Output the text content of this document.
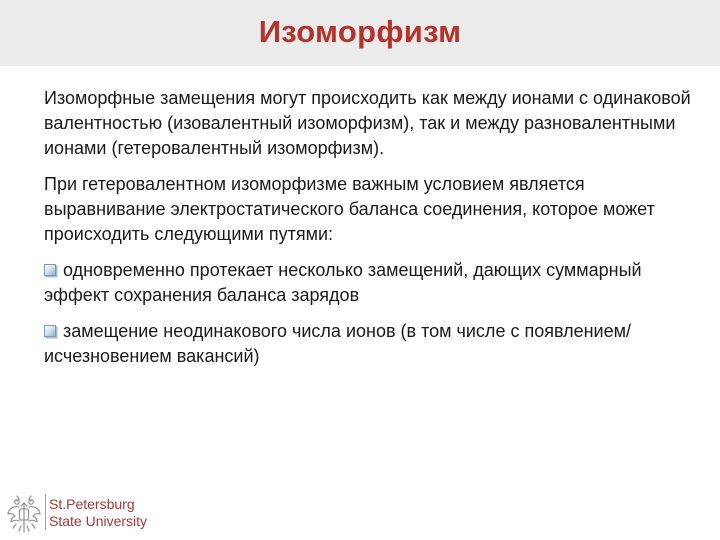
Изоморфизм

Изоморфные замещения могут происходить как между ионами с одинаковой валентностью (изовалентный изоморфизм), так и между разновалентными ионами (гетеровалентный изоморфизм).

При гетеровалентном изоморфизме важным условием является выравнивание электростатического баланса соединения, которое может происходить следующими путями:

одновременно протекает несколько замещений, дающих суммарный эффект сохранения баланса зарядов
замещение неодинакового числа ионов (в том числе с появлением/исчезновением вакансий)
St.Petersburg
State University
